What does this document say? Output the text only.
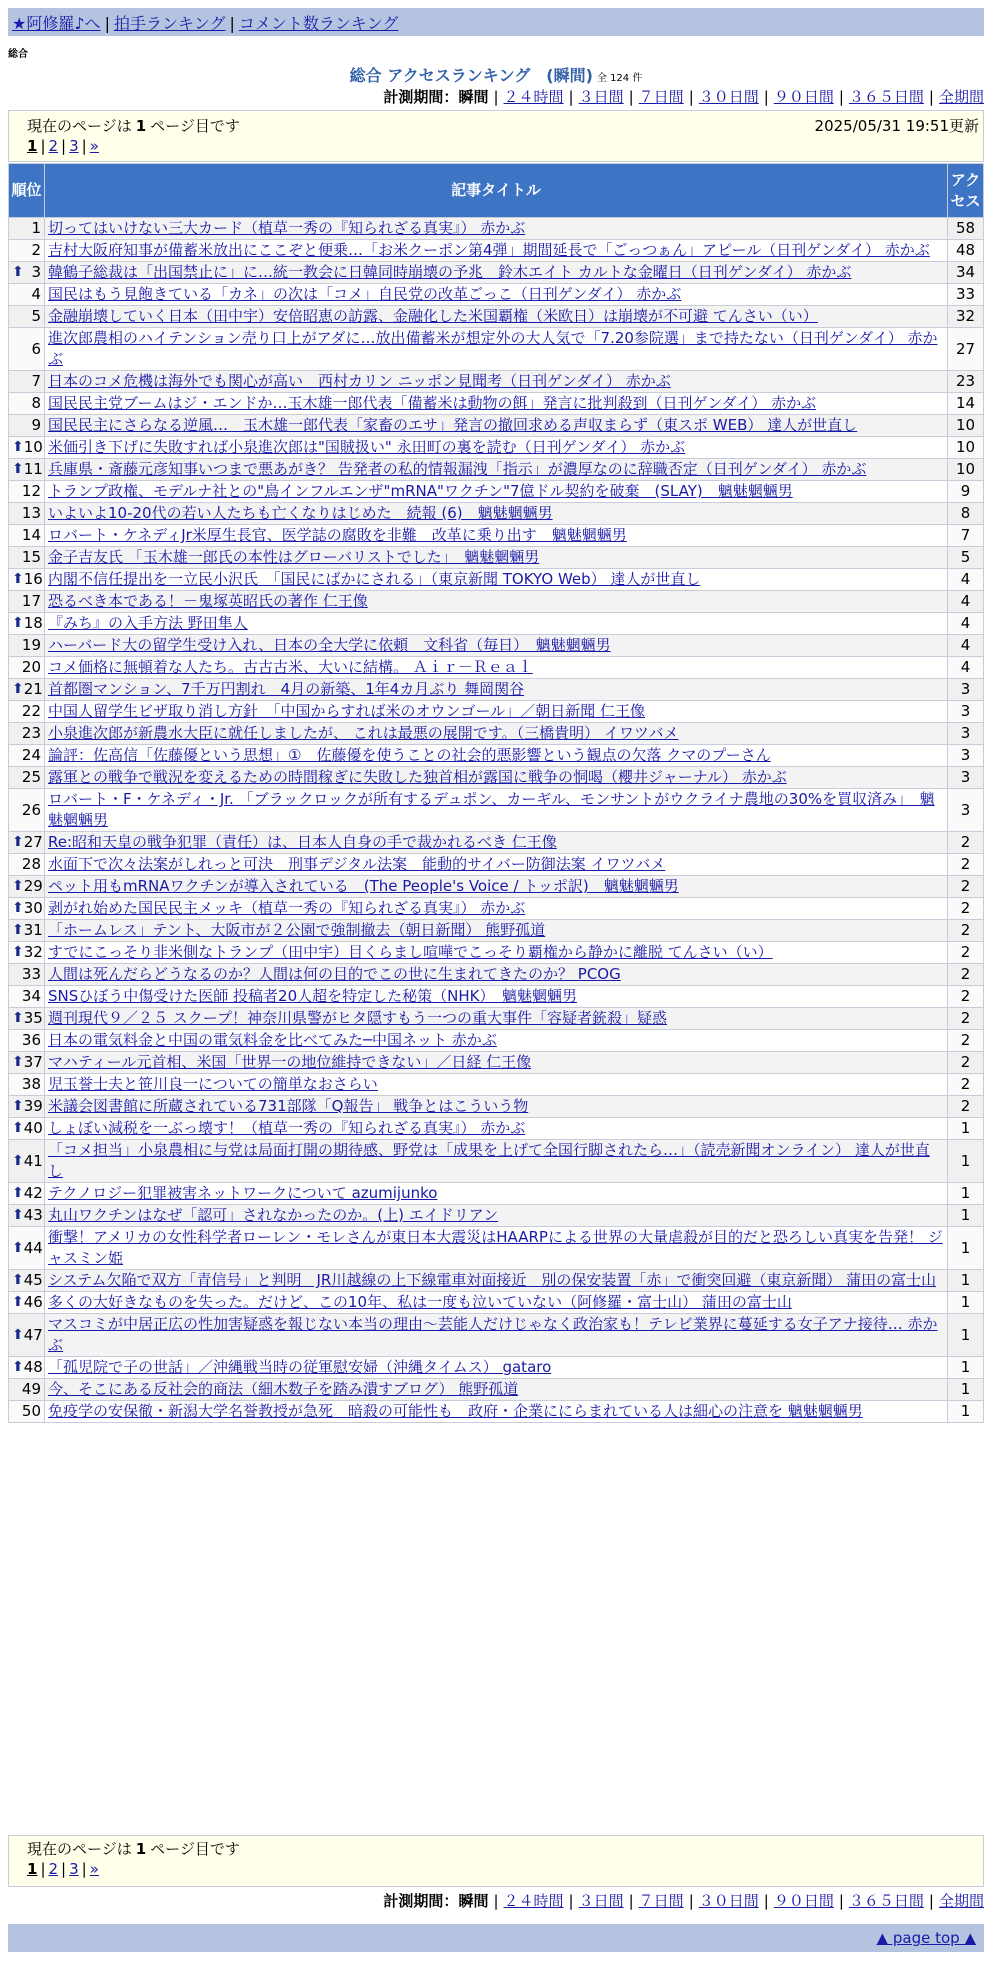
★阿修羅♪へ | 拍手ランキング | コメント数ランキング
総合
総合 アクセスランキング　(瞬間) 全 124 件
計測期間：瞬間 | ２４時間 | ３日間 | ７日間 | ３０日間 | ９０日間 | ３６５日間 | 全期間
現在のページは 1 ページ目です	2025/05/31 19:51更新
1 | 2 | 3 | »
順位	記事タイトル	アクセス
1	切ってはいけない三大カード（植草一秀の『知られざる真実』） 赤かぶ	58
2	吉村大阪府知事が備蓄米放出にここぞと便乗…「お米クーポン第4弾」期間延長で「ごっつぁん」アピール（日刊ゲンダイ） 赤かぶ	48

⬆ 3	韓鶴子総裁は「出国禁止に」に…統一教会に日韓同時崩壊の予兆　鈴木エイト カルトな金曜日（日刊ゲンダイ） 赤かぶ	34
4	国民はもう見飽きている「カネ」の次は「コメ」自民党の改革ごっこ（日刊ゲンダイ） 赤かぶ	33
5	金融崩壊していく日本（田中宇）安倍昭恵の訪露、金融化した米国覇権（米欧日）は崩壊が不可避 てんさい（い）	32
6	進次郎農相のハイテンション売り口上がアダに…放出備蓄米が想定外の大人気で「7.20参院選」まで持たない（日刊ゲンダイ） 赤かぶ	27
7	日本のコメ危機は海外でも関心が高い　西村カリン ニッポン見聞考（日刊ゲンダイ） 赤かぶ	23
8	国民民主党ブームはジ・エンドか…玉木雄一郎代表「備蓄米は動物の餌」発言に批判殺到（日刊ゲンダイ） 赤かぶ	14
9	国民民主にさらなる逆風…　玉木雄一郎代表「家畜のエサ」発言の撤回求める声収まらず（東スポ WEB） 達人が世直し	10

⬆ 10	米価引き下げに失敗すれば小泉進次郎は"国賊扱い" 永田町の裏を読む（日刊ゲンダイ） 赤かぶ	10

⬆ 11	兵庫県・斎藤元彦知事いつまで悪あがき？ 告発者の私的情報漏洩「指示」が濃厚なのに辞職否定（日刊ゲンダイ） 赤かぶ	10
12	トランプ政権、モデルナ社との"鳥インフルエンザ"mRNA"ワクチン"7億ドル契約を破棄　(SLAY)　魑魅魍魎男	9
13	いよいよ10-20代の若い人たちも亡くなりはじめた　続報 (6)　魑魅魍魎男	8
14	ロバート・ケネディJr米厚生長官、医学誌の腐敗を非難　改革に乗り出す　魑魅魍魎男	7
15	金子吉友氏 「玉木雄一郎氏の本性はグローバリストでした」　魑魅魍魎男	5

⬆ 16	内閣不信任提出を一立民小沢氏　「国民にばかにされる」（東京新聞 TOKYO Web） 達人が世直し	4
17	恐るべき本である！－鬼塚英昭氏の著作 仁王像	4

⬆ 18	『みち』の入手方法 野田隼人	4
19	ハーバード大の留学生受け入れ、日本の全大学に依頼　文科省（毎日）　魑魅魍魎男	4
20	コメ価格に無頓着な人たち。古古古米、大いに結構。 Ａｉｒ－Ｒｅａｌ	4

⬆ 21	首都圏マンション、7千万円割れ　4月の新築、1年4カ月ぶり 舞岡関谷	3
22	中国人留学生ビザ取り消し方針　「中国からすれば米のオウンゴール」／朝日新聞 仁王像	3
23	小泉進次郎が新農水大臣に就任しましたが、 これは最悪の展開です。（三橋貴明） イワツバメ	3
24	論評：佐高信「佐藤優という思想」①　佐藤優を使うことの社会的悪影響という観点の欠落 クマのプーさん	3
25	露軍との戦争で戦況を変えるための時間稼ぎに失敗した独首相が露国に戦争の恫喝（櫻井ジャーナル） 赤かぶ	3
26	ロバート・F・ケネディ・Jr. 「ブラックロックが所有するデュポン、カーギル、モンサントがウクライナ農地の30%を買収済み」　魑魅魍魎男	3

⬆ 27	Re:昭和天皇の戦争犯罪（責任）は、日本人自身の手で裁かれるべき 仁王像	2
28	水面下で次々法案がしれっと可決　刑事デジタル法案　能動的サイバー防御法案 イワツバメ	2

⬆ 29	ペット用もmRNAワクチンが導入されている　(The People's Voice / トッポ訳)　魑魅魍魎男	2

⬆ 30	剥がれ始めた国民民主メッキ（植草一秀の『知られざる真実』） 赤かぶ	2

⬆ 31	「ホームレス」テント、大阪市が２公園で強制撤去（朝日新聞） 熊野孤道	2

⬆ 32	すでにこっそり非米側なトランプ（田中宇）目くらまし喧嘩でこっそり覇権から静かに離脱 てんさい（い）	2
33	人間は死んだらどうなるのか？人間は何の目的でこの世に生まれてきたのか？ PCOG	2
34	SNSひぼう中傷受けた医師 投稿者20人超を特定した秘策（NHK）　魑魅魍魎男	2

⬆ 35	週刊現代９／２５ スクープ！神奈川県警がヒタ隠すもう一つの重大事件「容疑者銃殺」疑惑	2
36	日本の電気料金と中国の電気料金を比べてみた─中国ネット 赤かぶ	2

⬆ 37	マハティール元首相、米国「世界一の地位維持できない」／日経 仁王像	2
38	児玉誉士夫と笹川良一についての簡単なおさらい	2

⬆ 39	米議会図書館に所蔵されている731部隊「Q報告」 戦争とはこういう物	2

⬆ 40	しょぼい減税を一ぶっ壊す！（植草一秀の『知られざる真実』） 赤かぶ	1

⬆ 41	「コメ担当」小泉農相に与党は局面打開の期待感、野党は「成果を上げて全国行脚されたら…」（読売新聞オンライン） 達人が世直し	1

⬆ 42	テクノロジー犯罪被害ネットワークについて azumijunko	1

⬆ 43	丸山ワクチンはなぜ「認可」されなかったのか。(上) エイドリアン	1

⬆ 44	衝撃！アメリカの女性科学者ローレン・モレさんが東日本大震災はHAARPによる世界の大量虐殺が目的だと恐ろしい真実を告発！ ジャスミン姫	1

⬆ 45	システム欠陥で双方「青信号」と判明　JR川越線の上下線電車対面接近　別の保安装置「赤」で衝突回避（東京新聞） 蒲田の富士山	1

⬆ 46	多くの大好きなものを失った。だけど、この10年、私は一度も泣いていない（阿修羅・富士山） 蒲田の富士山	1

⬆ 47	マスコミが中居正広の性加害疑惑を報じない本当の理由〜芸能人だけじゃなく政治家も！テレビ業界に蔓延する女子アナ接待… 赤かぶ	1

⬆ 48	「孤児院で子の世話」／沖縄戦当時の従軍慰安婦（沖縄タイムス） gataro	1
49	今、そこにある反社会的商法（細木数子を踏み潰すブログ） 熊野孤道	1
50	免疫学の安保徹・新潟大学名誉教授が急死　暗殺の可能性も　政府・企業ににらまれている人は細心の注意を 魑魅魍魎男	1
現在のページは 1 ページ目です
1 | 2 | 3 | »
計測期間：瞬間 | ２４時間 | ３日間 | ７日間 | ３０日間 | ９０日間 | ３６５日間 | 全期間
▲ page top ▲
